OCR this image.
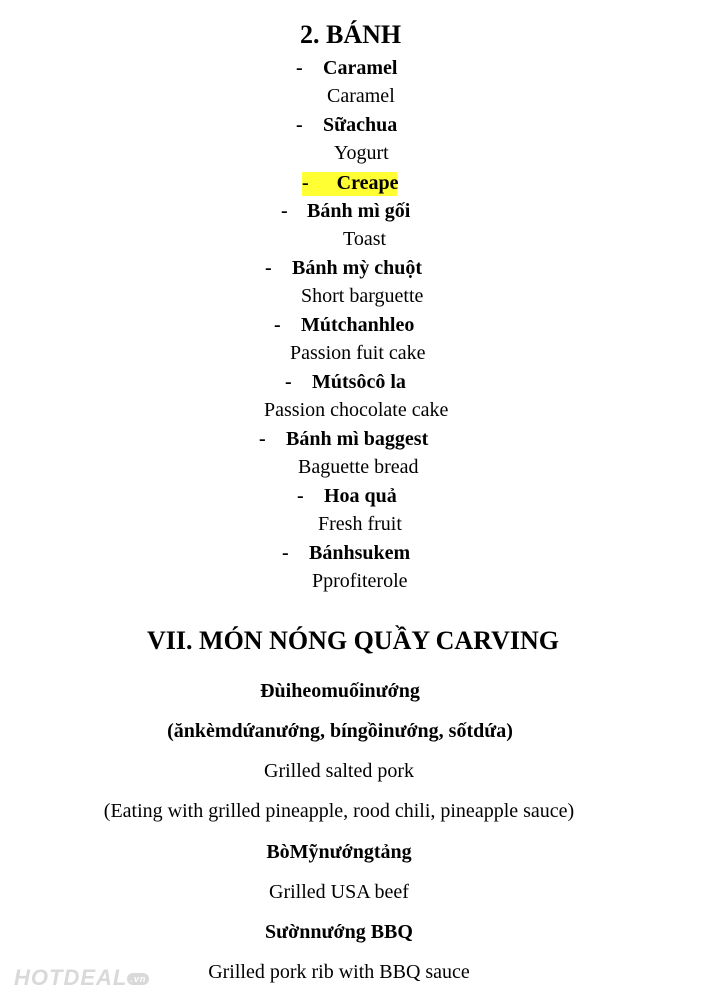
2. BÁNH
- Caramel
Caramel
- Sữachua
Yogurt
- Creape
- Bánh mì gối
Toast
- Bánh mỳ chuột
Short barguette
- Mútchanhleo
Passion fuit cake
- Mútsôcô la
Passion chocolate cake
- Bánh mì baggest
Baguette bread
- Hoa quả
Fresh fruit
- Bánhsukem
Pprofiterole
VII. MÓN NÓNG QUẦY CARVING
Đùiheomuốinướng
(ănkèmdứanướng, bíngồinướng, sốtdứa)
Grilled salted pork
(Eating with grilled pineapple, rood chili, pineapple sauce)
BòMỹnướngtảng
Grilled USA beef
Sườnnướng BBQ
Grilled pork rib with BBQ sauce
HOTDEAL .vn
